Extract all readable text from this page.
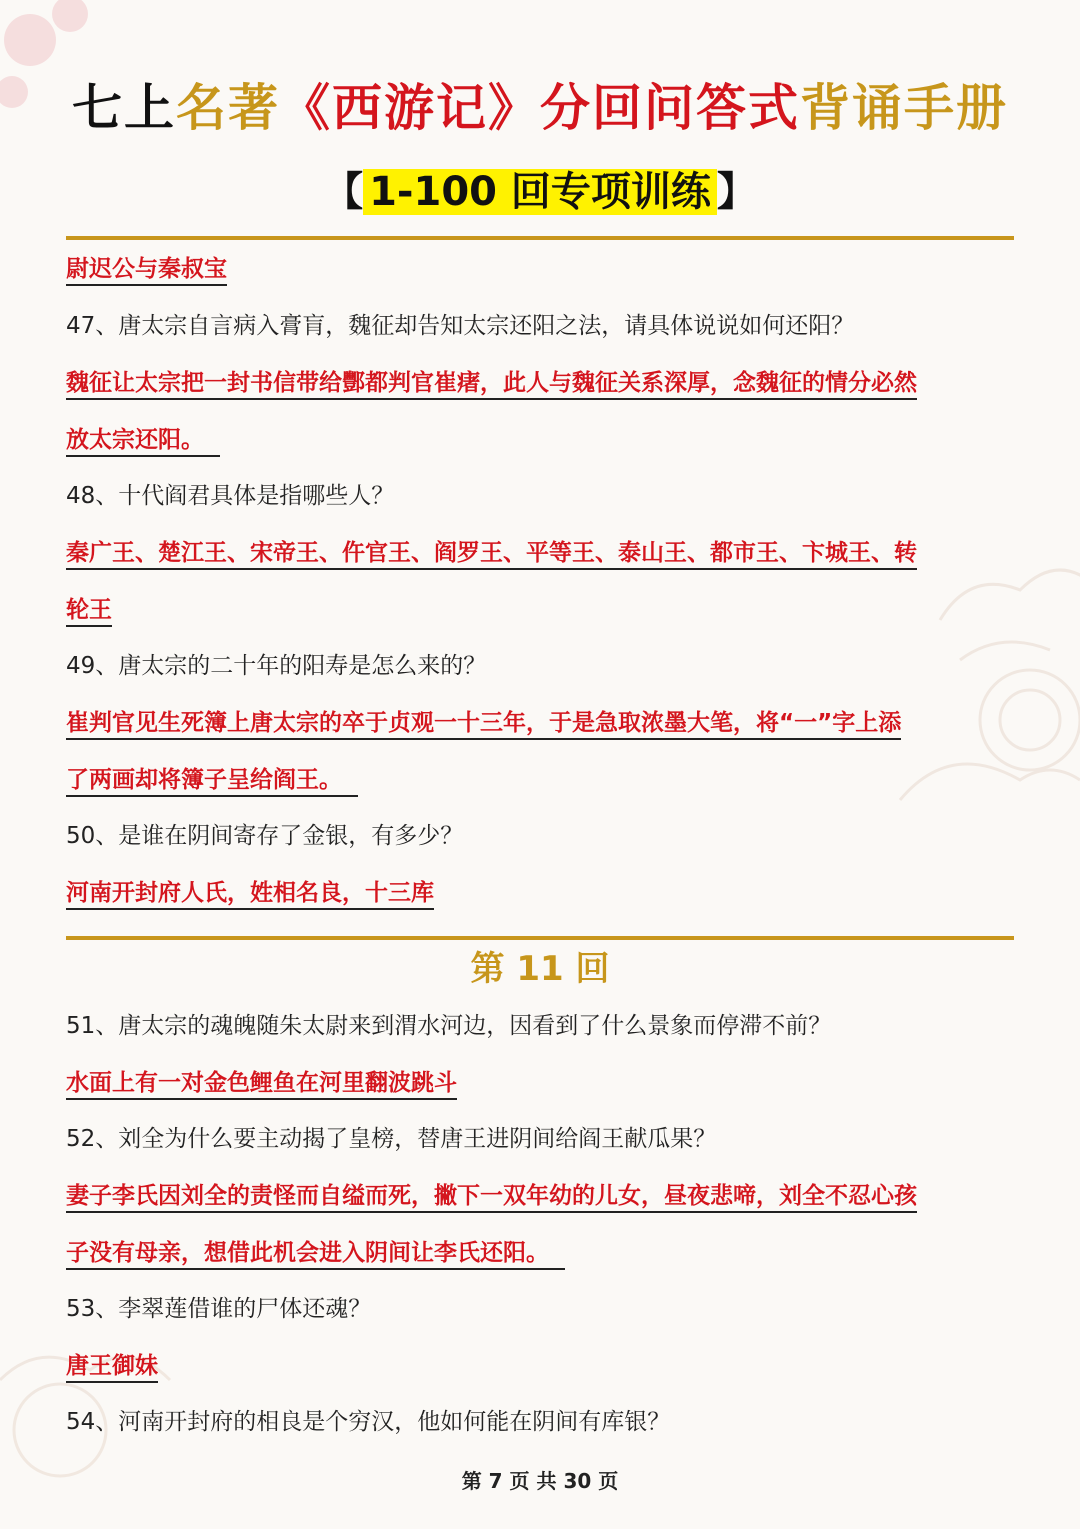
七上名著《西游记》分回问答式背诵手册
【 1-100 回专项训练 】
尉迟公与秦叔宝
47、唐太宗自言病入膏肓，魏征却告知太宗还阳之法，请具体说说如何还阳？
魏征让太宗把一封书信带给酆都判官崔瘏，此人与魏征关系深厚，念魏征的情分必然
放太宗还阳。
48、十代阎君具体是指哪些人？
秦广王、楚江王、宋帝王、仵官王、阎罗王、平等王、泰山王、都市王、卞城王、转
轮王
49、唐太宗的二十年的阳寿是怎么来的？
崔判官见生死簿上唐太宗的卒于贞观一十三年，于是急取浓墨大笔，将“一”字上添
了两画却将簿子呈给阎王。
50、是谁在阴间寄存了金银，有多少？
河南开封府人氏，姓相名良，十三库
第 11 回
51、唐太宗的魂魄随朱太尉来到渭水河边，因看到了什么景象而停滞不前？
水面上有一对金色鲤鱼在河里翻波跳斗
52、刘全为什么要主动揭了皇榜，替唐王进阴间给阎王献瓜果？
妻子李氏因刘全的责怪而自缢而死，撇下一双年幼的儿女，昼夜悲啼，刘全不忍心孩
子没有母亲，想借此机会进入阴间让李氏还阳。
53、李翠莲借谁的尸体还魂？
唐王御妹
54、河南开封府的相良是个穷汉，他如何能在阴间有库银？
第 7 页 共 30 页
